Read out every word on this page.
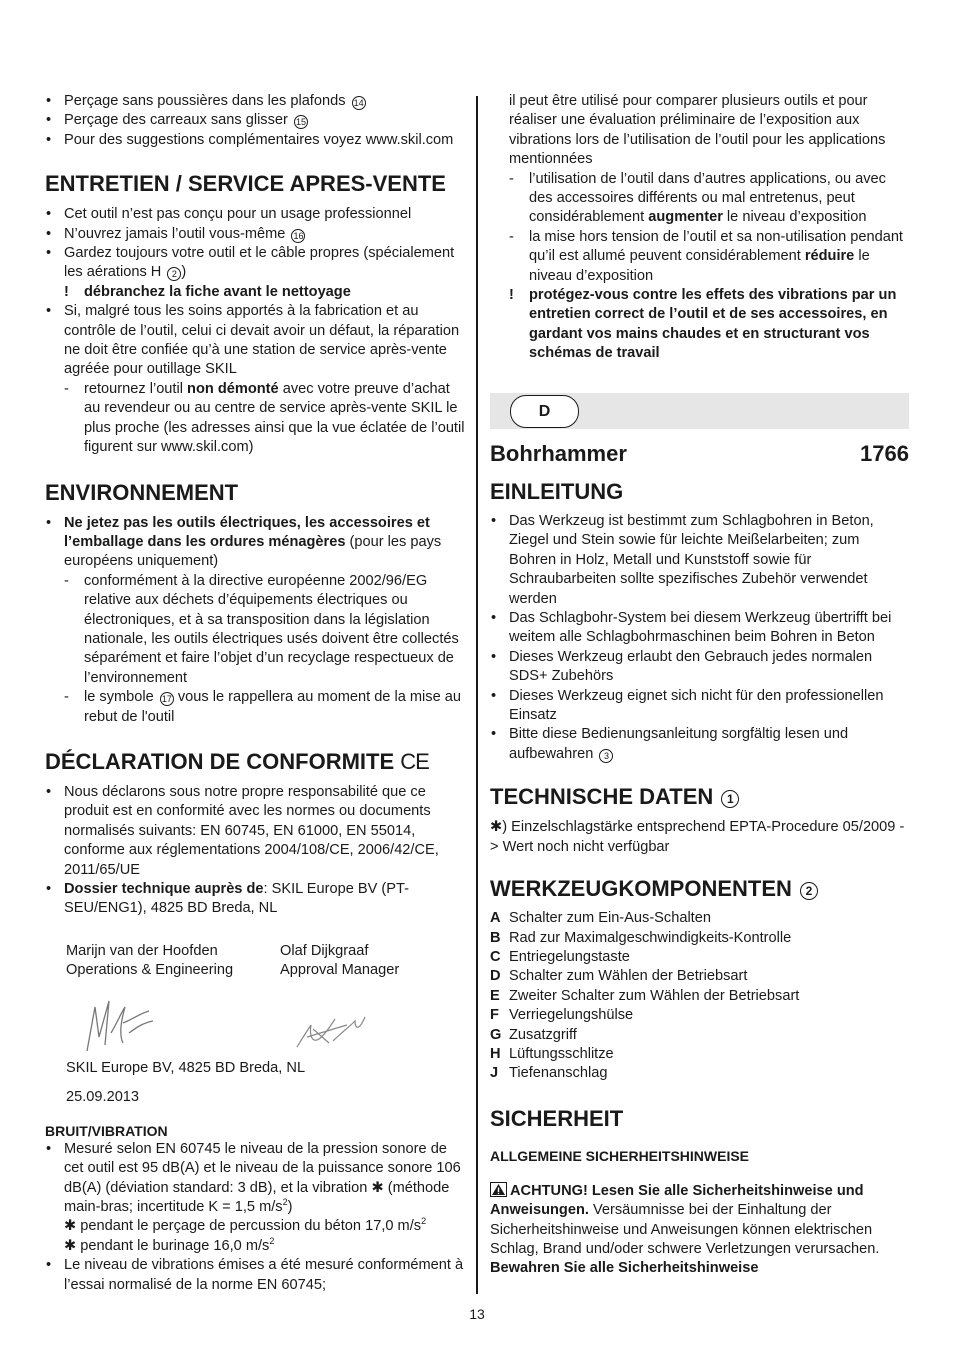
• Perçage sans poussières dans les plafonds 14
• Perçage des carreaux sans glisser 15
• Pour des suggestions complémentaires voyez www.skil.com
ENTRETIEN / SERVICE APRES-VENTE
• Cet outil n’est pas conçu pour un usage professionnel
• N’ouvrez jamais l’outil vous-même 16
• Gardez toujours votre outil et le câble propres (spécialement les aérations H 2 )
! débranchez la fiche avant le nettoyage
• Si, malgré tous les soins apportés à la fabrication et au contrôle de l’outil, celui ci devait avoir un défaut, la réparation ne doit être confiée qu’à une station de service après-vente agréée pour outillage SKIL
- retournez l’outil non démonté avec votre preuve d’achat au revendeur ou au centre de service après-vente SKIL le plus proche (les adresses ainsi que la vue éclatée de l’outil figurent sur www.skil.com)
ENVIRONNEMENT
• Ne jetez pas les outils électriques, les accessoires et l’emballage dans les ordures ménagères (pour les pays européens uniquement)
- conformément à la directive européenne 2002/96/EG relative aux déchets d’équipements électriques ou électroniques, et à sa transposition dans la législation nationale, les outils électriques usés doivent être collectés séparément et faire l’objet d’un recyclage respectueux de l’environnement
- le symbole 17 vous le rappellera au moment de la mise au rebut de l'outil
DÉCLARATION DE CONFORMITE CE
• Nous déclarons sous notre propre responsabilité que ce produit est en conformité avec les normes ou documents normalisés suivants: EN 60745, EN 61000, EN 55014, conforme aux réglementations 2004/108/CE, 2006/42/CE, 2011/65/UE
• Dossier technique auprès de: SKIL Europe BV (PT-SEU/ENG1), 4825 BD Breda, NL
Marijn van der Hoofden
Operations & Engineering
Olaf Dijkgraaf
Approval Manager
SKIL Europe BV, 4825 BD Breda, NL
25.09.2013
BRUIT/VIBRATION
• Mesuré selon EN 60745 le niveau de la pression sonore de cet outil est 95 dB(A) et le niveau de la puissance sonore 106 dB(A) (déviation standard: 3 dB), et la vibration ✱ (méthode main-bras; incertitude K = 1,5 $m/s^2$)
✱ pendant le perçage de percussion du béton 17,0 $m/s^2$
✱ pendant le burinage 16,0 $m/s^2$
• Le niveau de vibrations émises a été mesuré conformément à l’essai normalisé de la norme EN 60745;
il peut être utilisé pour comparer plusieurs outils et pour réaliser une évaluation préliminaire de l’exposition aux vibrations lors de l’utilisation de l’outil pour les applications mentionnées
- l’utilisation de l’outil dans d’autres applications, ou avec des accessoires différents ou mal entretenus, peut considérablement augmenter le niveau d’exposition
- la mise hors tension de l’outil et sa non-utilisation pendant qu’il est allumé peuvent considérablement réduire le niveau d’exposition
! protégez-vous contre les effets des vibrations par un entretien correct de l’outil et de ses accessoires, en gardant vos mains chaudes et en structurant vos schémas de travail
D
Bohrhammer	1766
EINLEITUNG
• Das Werkzeug ist bestimmt zum Schlagbohren in Beton, Ziegel und Stein sowie für leichte Meißelarbeiten; zum Bohren in Holz, Metall und Kunststoff sowie für Schraubarbeiten sollte spezifisches Zubehör verwendet werden
• Das Schlagbohr-System bei diesem Werkzeug übertrifft bei weitem alle Schlagbohrmaschinen beim Bohren in Beton
• Dieses Werkzeug erlaubt den Gebrauch jedes normalen SDS+ Zubehörs
• Dieses Werkzeug eignet sich nicht für den professionellen Einsatz
• Bitte diese Bedienungsanleitung sorgfältig lesen und aufbewahren 3
TECHNISCHE DATEN 1
✱) Einzelschlagstärke entsprechend EPTA-Procedure 05/2009 -> Wert noch nicht verfügbar
WERKZEUGKOMPONENTEN 2
A Schalter zum Ein-Aus-Schalten
B Rad zur Maximalgeschwindigkeits-Kontrolle
C Entriegelungstaste
D Schalter zum Wählen der Betriebsart
E Zweiter Schalter zum Wählen der Betriebsart
F Verriegelungshülse
G Zusatzgriff
H Lüftungsschlitze
J Tiefenanschlag
SICHERHEIT
ALLGEMEINE SICHERHEITSHINWEISE
ACHTUNG! Lesen Sie alle Sicherheitshinweise und Anweisungen. Versäumnisse bei der Einhaltung der Sicherheitshinweise und Anweisungen können elektrischen Schlag, Brand und/oder schwere Verletzungen verursachen. Bewahren Sie alle Sicherheitshinweise
13
